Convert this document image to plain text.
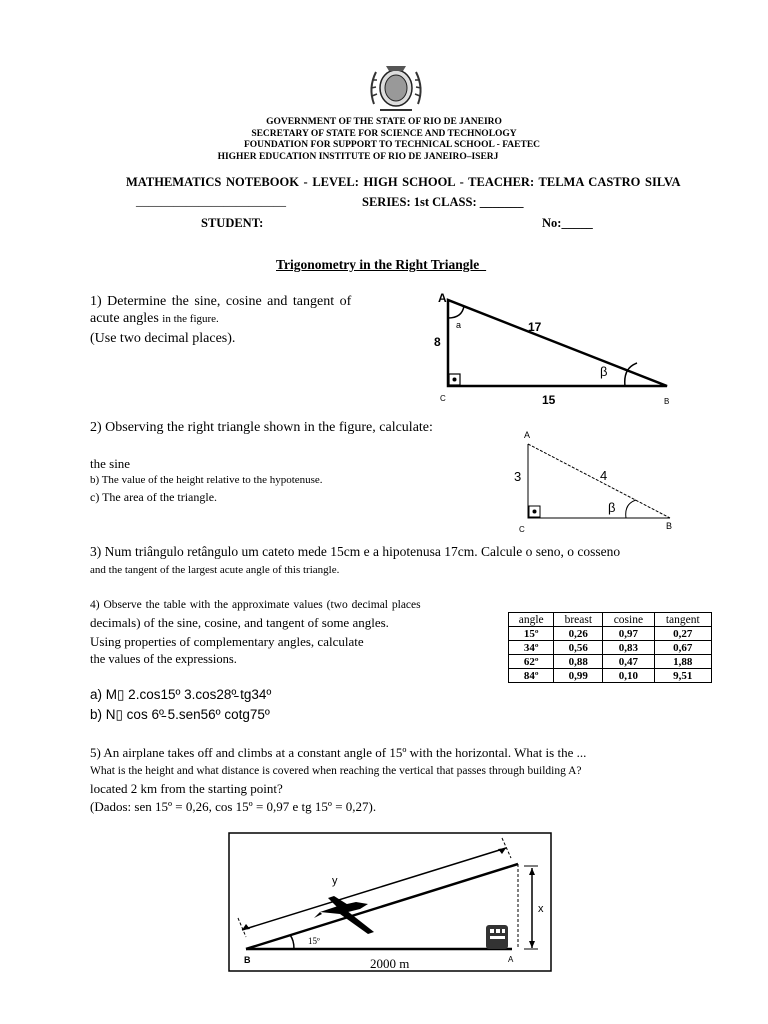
GOVERNMENT OF THE STATE OF RIO DE JANEIRO
SECRETARY OF STATE FOR SCIENCE AND TECHNOLOGY
FOUNDATION FOR SUPPORT TO TECHNICAL SCHOOL - FAETEC
HIGHER EDUCATION INSTITUTE OF RIO DE JANEIRO–ISERJ
MATHEMATICS NOTEBOOK - LEVEL: HIGH SCHOOL - TEACHER: TELMA CASTRO SILVA
________________________	SERIES: 1st CLASS: _______
STUDENT:	No:_____
Trigonometry in the Right Triangle_
1) Determine the sine, cosine and tangent of
acute angles in the figure.
(Use two decimal places).
A
a	17
8
β
15
C	B
2) Observing the right triangle shown in the figure, calculate:
the sine
b) The value of the height relative to the hypotenuse.
c) The area of the triangle.
A
3	4
β
C	B
3) Num triângulo retângulo um cateto mede 15cm e a hipotenusa 17cm. Calcule o seno, o cosseno
and the tangent of the largest acute angle of this triangle.
4) Observe the table with the approximate values (two decimal places
decimals) of the sine, cosine, and tangent of some angles.
Using properties of complementary angles, calculate
the values of the expressions.
a) M▯ 2.cos15º 3.cos28º̵ tg34º
b) N▯ cos 6º̵ 5.sen56º cotg75º
angle	breast	cosine	tangent
15º	0,26	0,97	0,27
34º	0,56	0,83	0,67
62º	0,88	0,47	1,88
84º	0,99	0,10	9,51
5) An airplane takes off and climbs at a constant angle of 15º with the horizontal. What is the ...
What is the height and what distance is covered when reaching the vertical that passes through building A?
located 2 km from the starting point?
(Dados: sen 15º = 0,26, cos 15º = 0,97 e tg 15º = 0,27).
y
15º
x
B	A
2000 m
